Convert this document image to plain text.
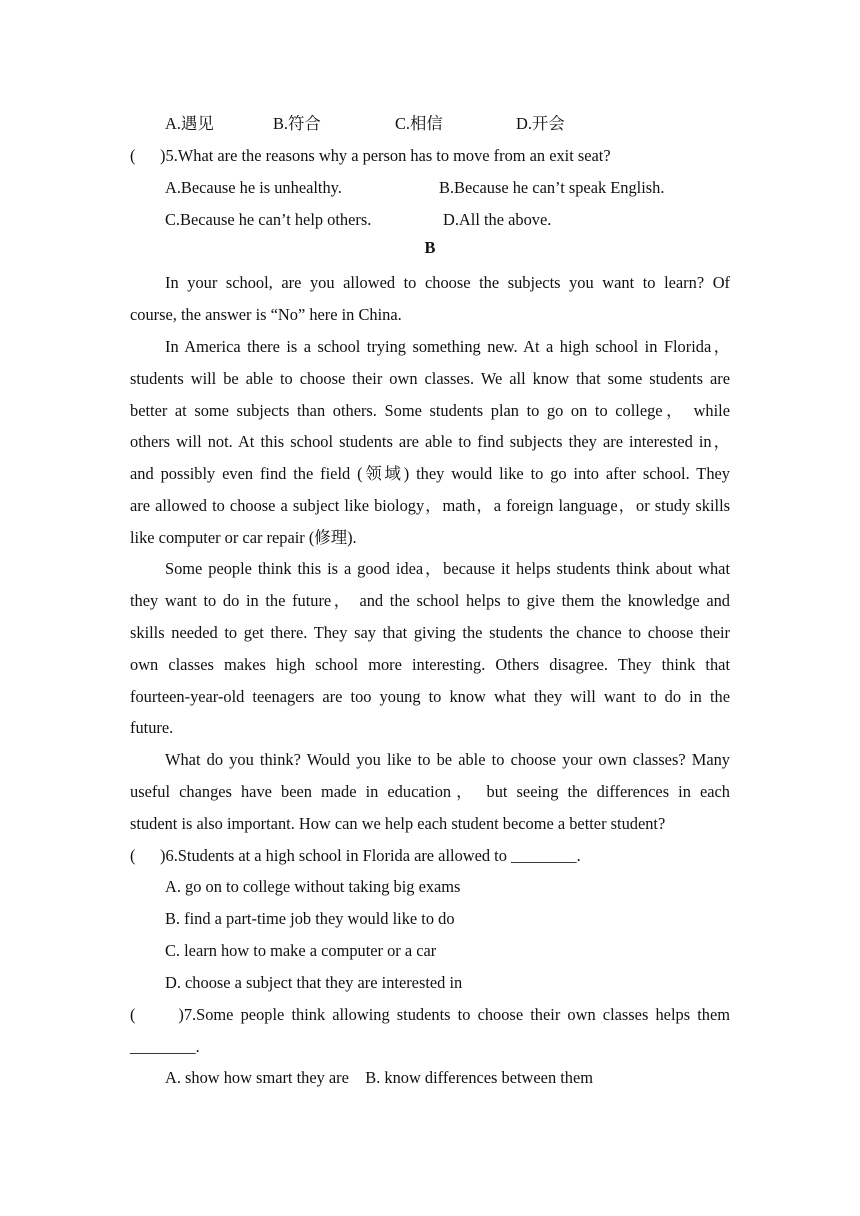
A.遇见	B.符合	C.相信	D.开会
(      )5.What are the reasons why a person has to move from an exit seat?
A.Because he is unhealthy.	B.Because he can’t speak English.
C.Because he can’t help others.	D.All the above.
B
In your school, are you allowed to choose the subjects you want to learn? Of
course, the answer is “No” here in China.
In America there is a school trying something new. At a high school in Florida，
students will be able to choose their own classes. We all know that some students are
better at some subjects than others. Some students plan to go on to college， while
others will not. At this school students are able to find subjects they are interested in，
and possibly even find the field (领域) they would like to go into after school. They
are allowed to choose a subject like biology，math，a foreign language，or study skills
like computer or car repair (修理).
Some people think this is a good idea，because it helps students think about what
they want to do in the future， and the school helps to give them the knowledge and
skills needed to get there. They say that giving the students the chance to choose their
own classes makes high school more interesting. Others disagree. They think that
fourteen-year-old teenagers are too young to know what they will want to do in the
future.
What do you think? Would you like to be able to choose your own classes? Many
useful changes have been made in education， but seeing the differences in each
student is also important. How can we help each student become a better student?
(      )6.Students at a high school in Florida are allowed to ________.
A. go on to college without taking big exams
B. find a part-time job they would like to do
C. learn how to make a computer or a car
D. choose a subject that they are interested in
(      )7.Some people think allowing students to choose their own classes helps them
________.
A. show how smart they are    B. know differences between them
